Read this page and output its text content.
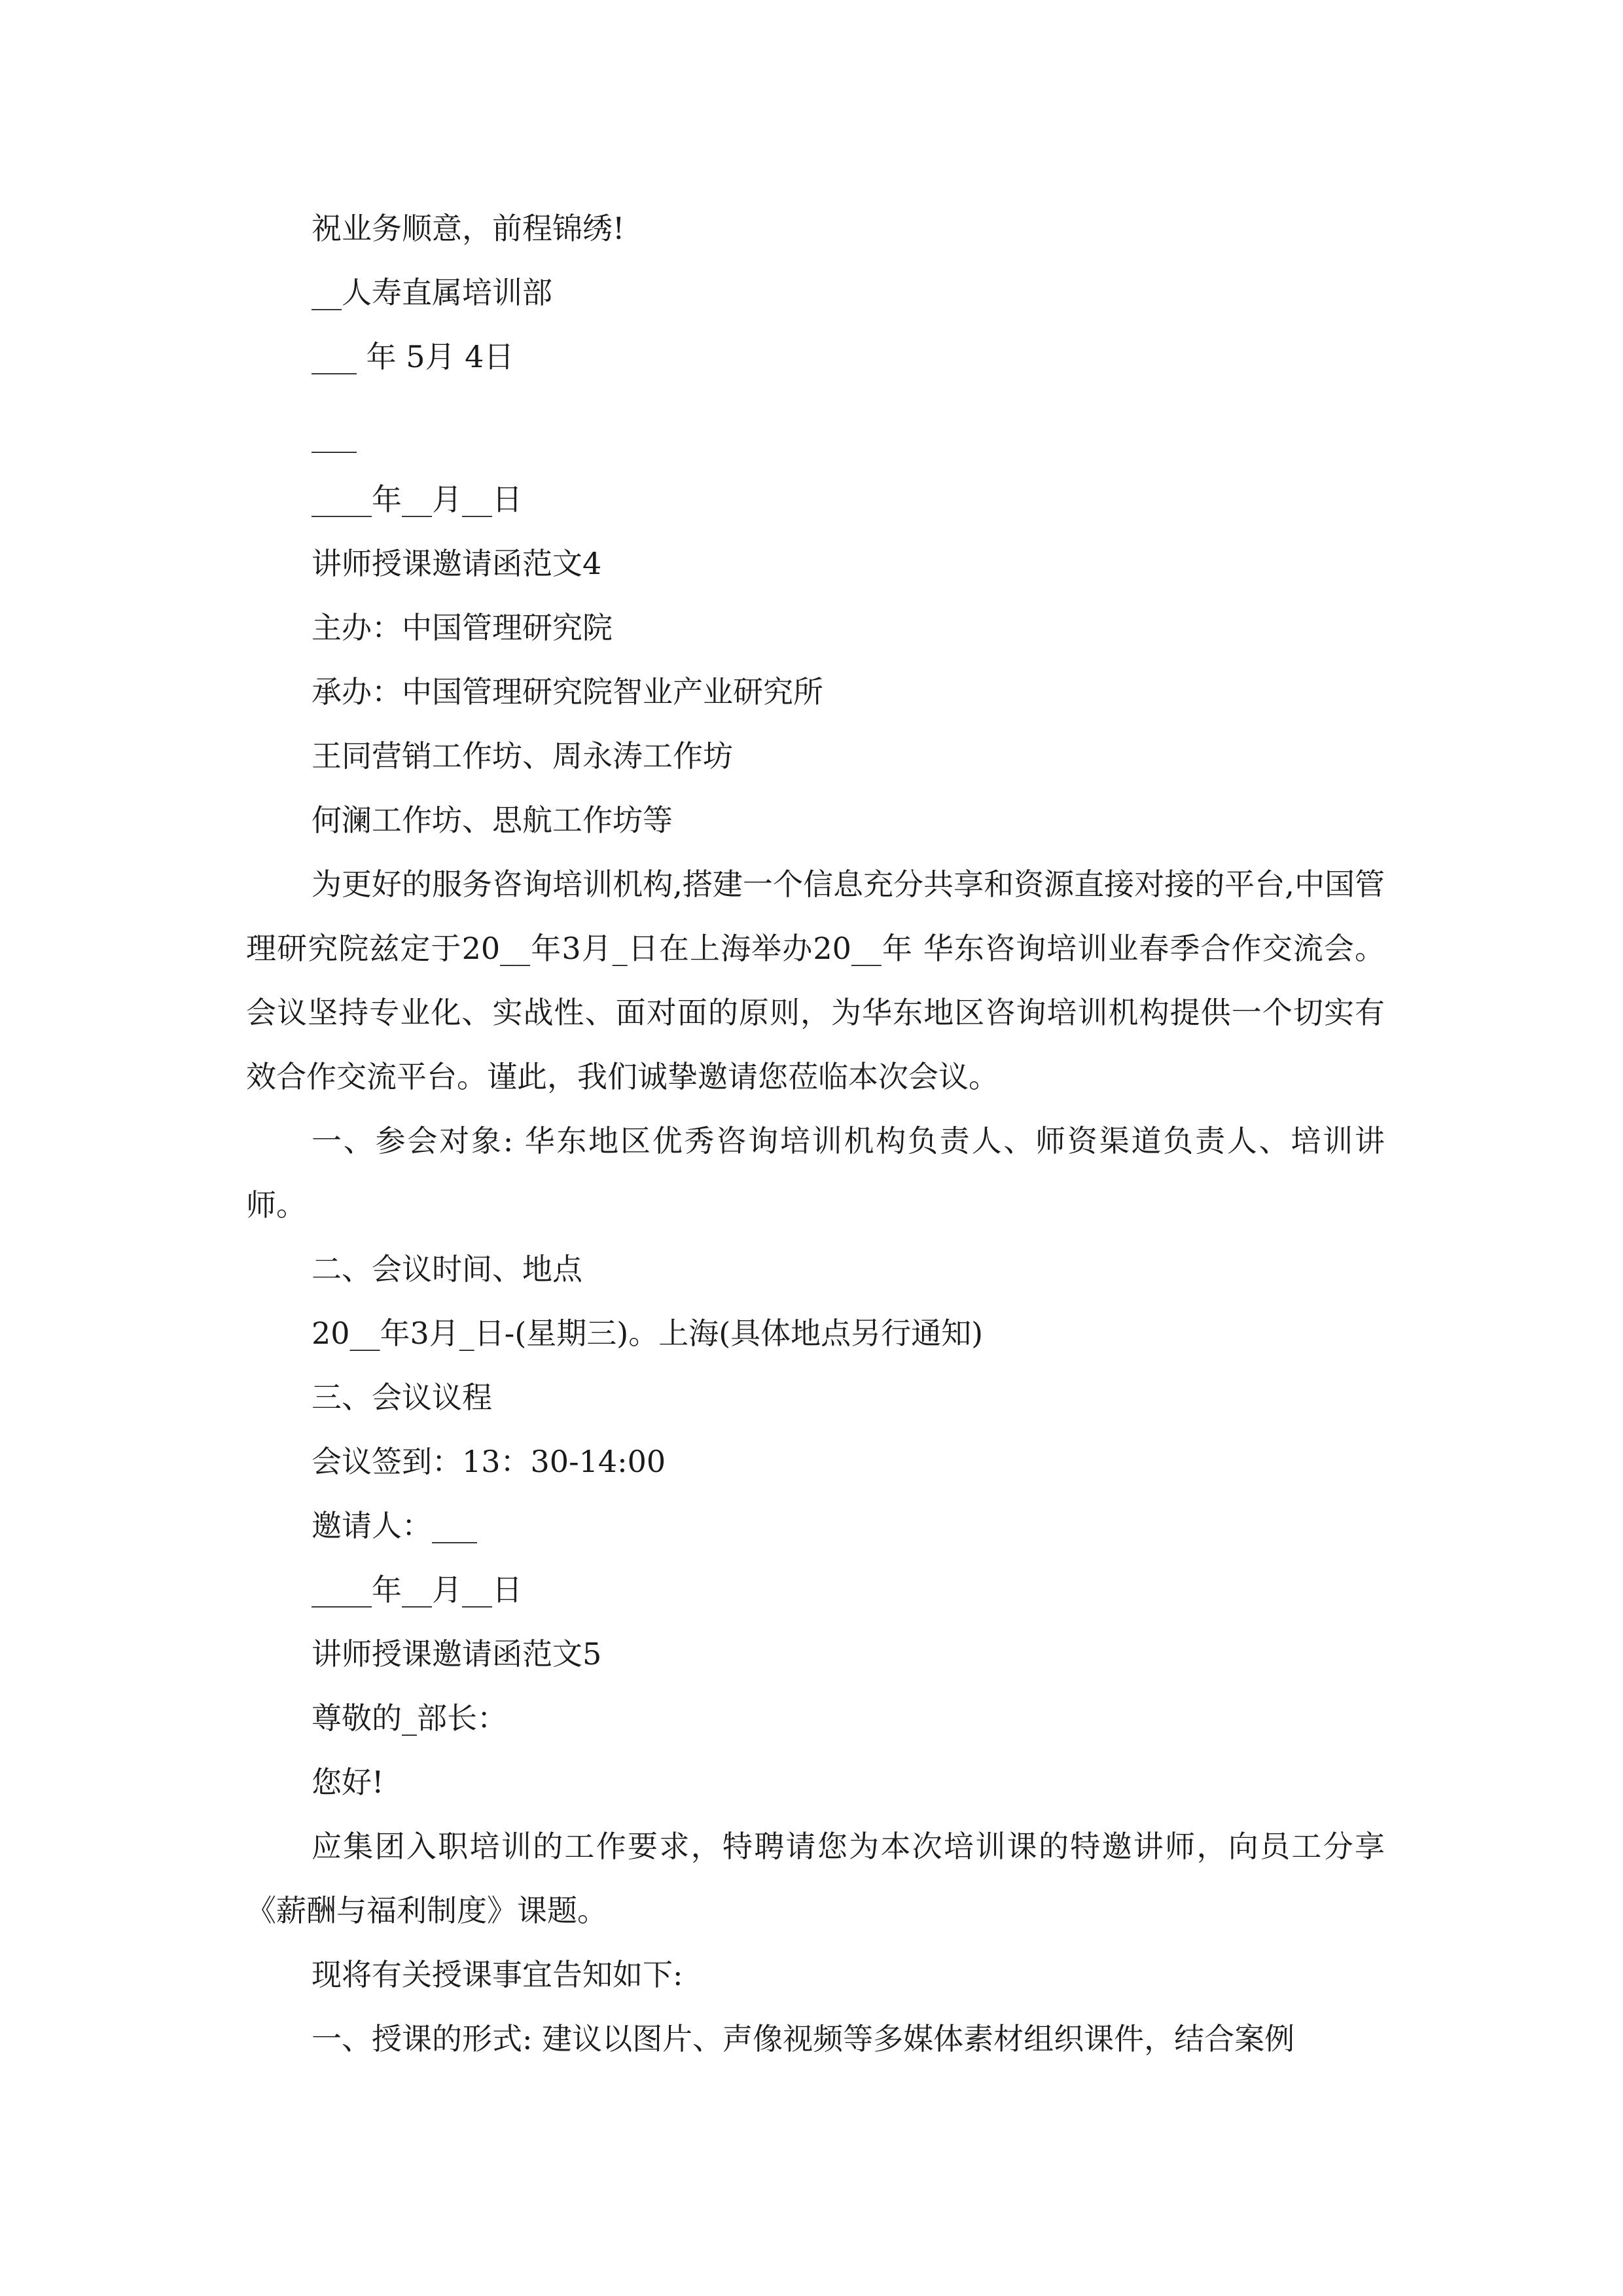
祝业务顺意，前程锦绣!

__人寿直属培训部

___ 年 5月 4日

___

____年__月__日

讲师授课邀请函范文4

主办：中国管理研究院

承办：中国管理研究院智业产业研究所

王同营销工作坊、周永涛工作坊

何澜工作坊、思航工作坊等

为更好的服务咨询培训机构,搭建一个信息充分共享和资源直接对接的平台,中国管理研究院兹定于20__年3月_日在上海举办20__年 华东咨询培训业春季合作交流会。 会议坚持专业化、实战性、面对面的原则，为华东地区咨询培训机构提供一个切实有效合作交流平台。谨此，我们诚挚邀请您莅临本次会议。

一、参会对象: 华东地区优秀咨询培训机构负责人、师资渠道负责人、培训讲师。

二、会议时间、地点

20__年3月_日-(星期三)。上海(具体地点另行通知)

三、会议议程

会议签到：13：30-14:00

邀请人：___

____年__月__日

讲师授课邀请函范文5

尊敬的_部长：

您好!

应集团入职培训的工作要求，特聘请您为本次培训课的特邀讲师，向员工分享《薪酬与福利制度》课题。

现将有关授课事宜告知如下:

一、授课的形式: 建议以图片、声像视频等多媒体素材组织课件，结合案例
